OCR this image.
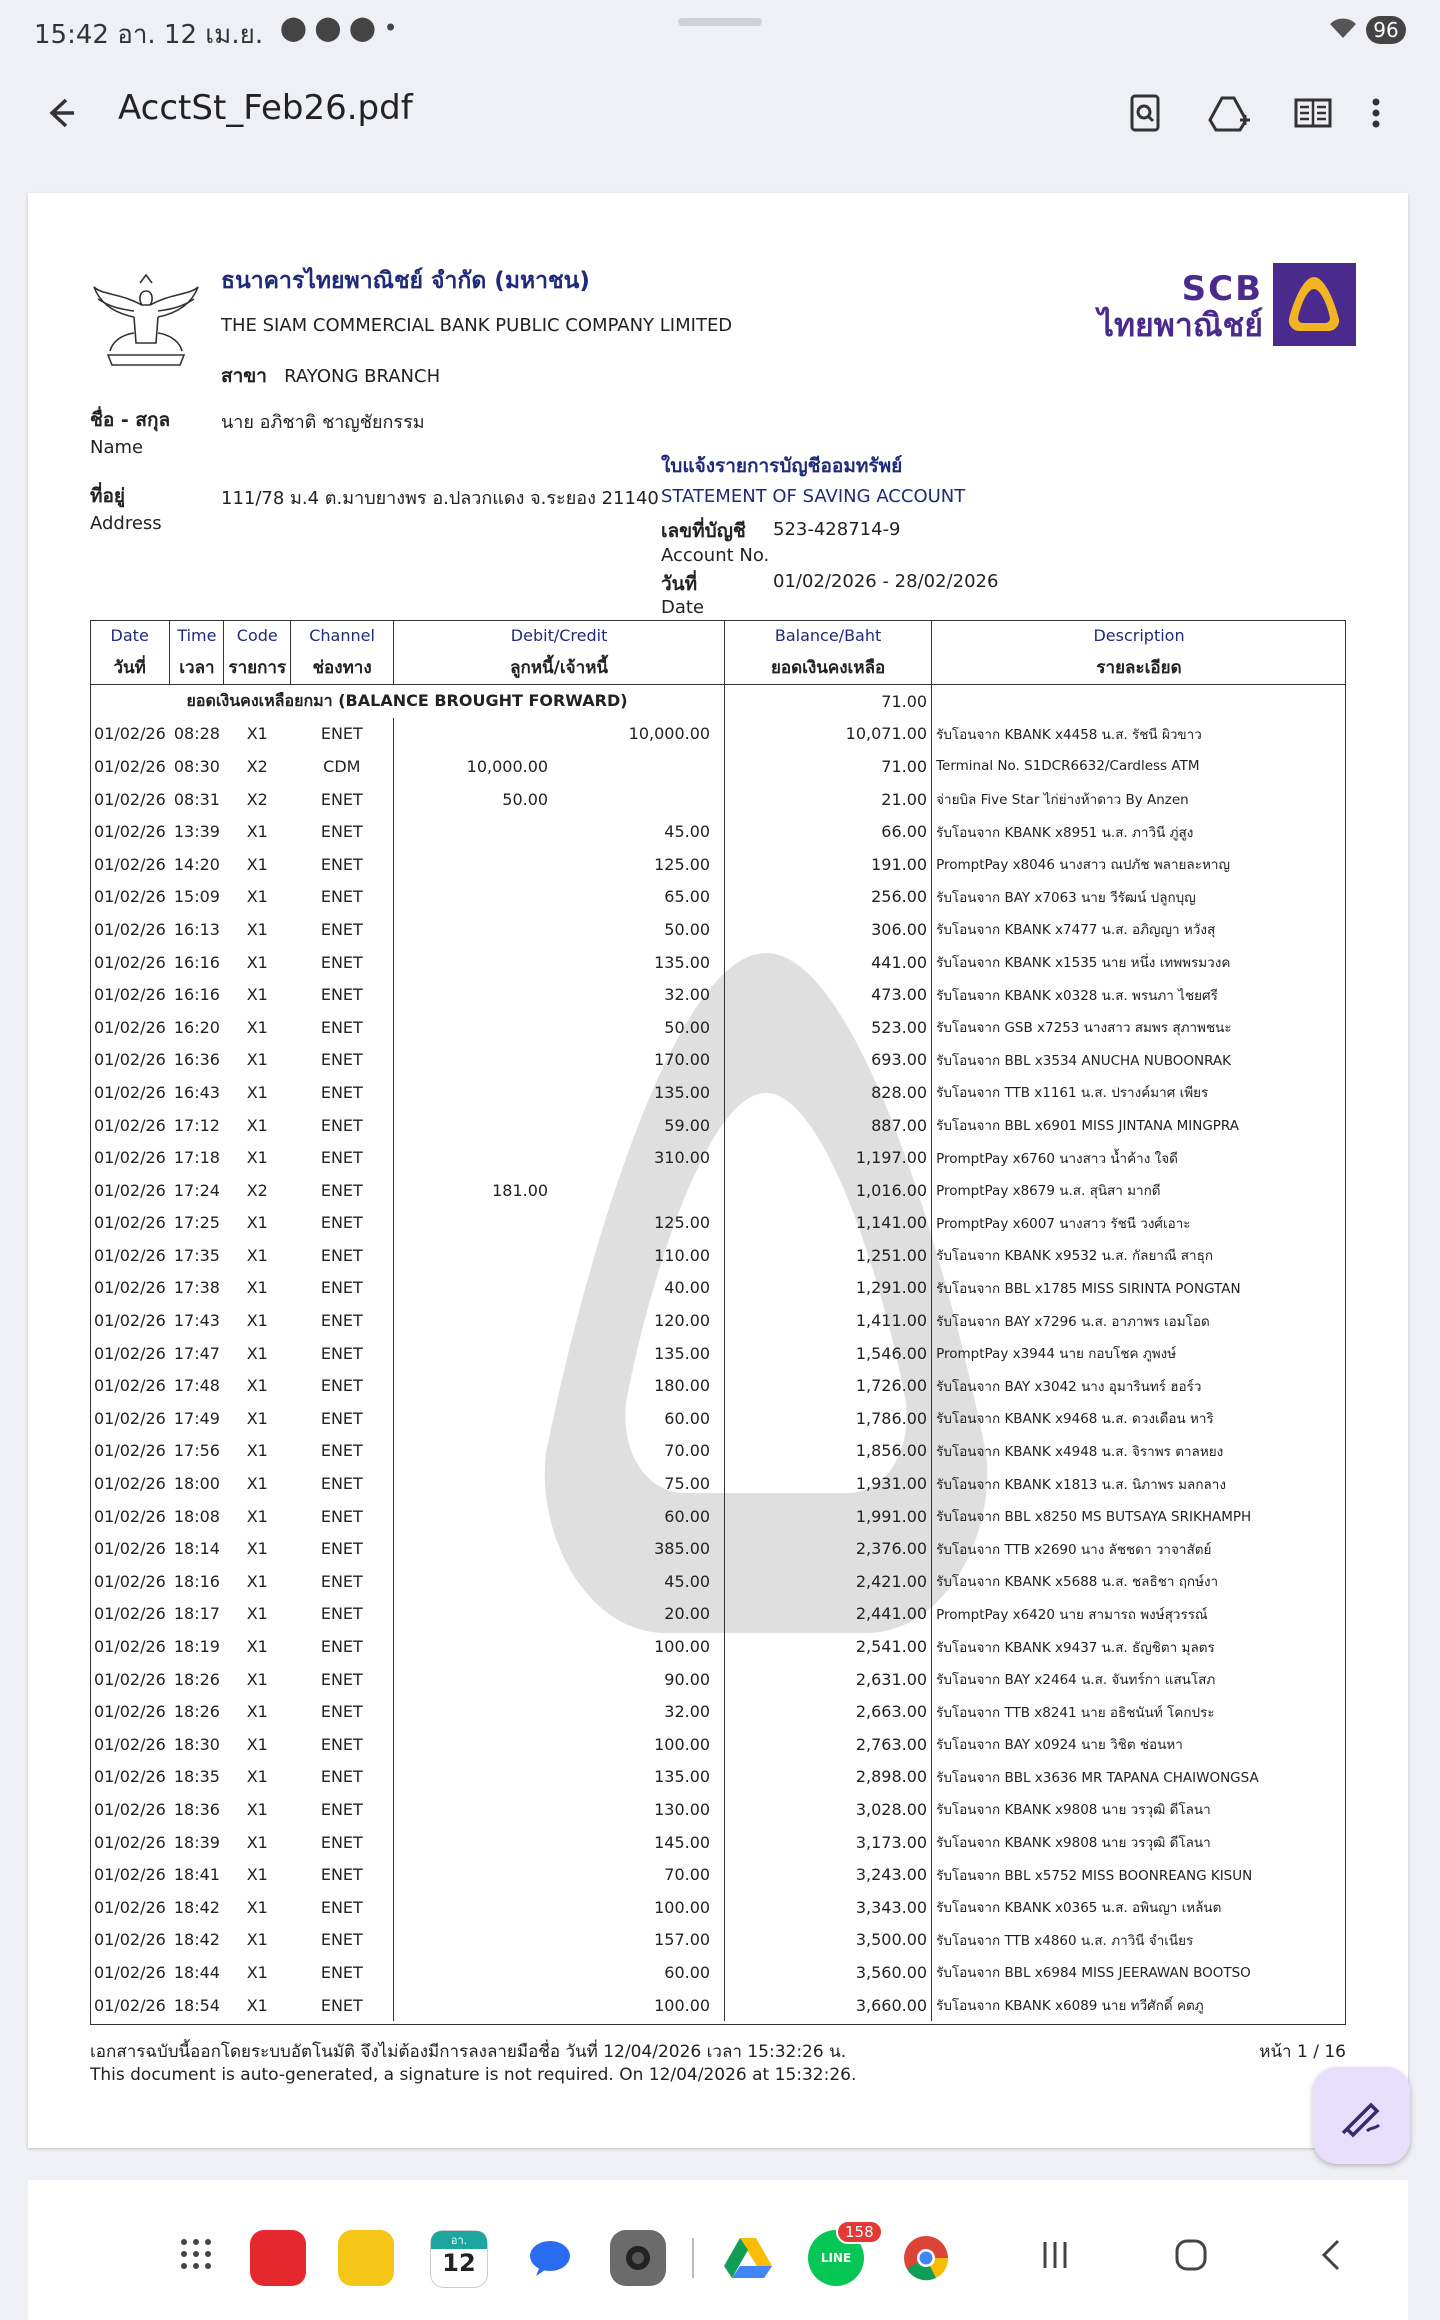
15:42 อา. 12 เม.ย. ⬤ ⬤ ⬤ •	96
AcctSt_Feb26.pdf
ธนาคารไทยพาณิชย์ จำกัด (มหาชน)
THE SIAM COMMERCIAL BANK PUBLIC COMPANY LIMITED
สาขา RAYONG BRANCH
ชื่อ - สกุล
Name
นาย อภิชาติ ชาญชัยกรรม
ที่อยู่
Address
111/78 ม.4 ต.มาบยางพร อ.ปลวกแดง จ.ระยอง 21140
SCB
ไทยพาณิชย์
ใบแจ้งรายการบัญชีออมทรัพย์
STATEMENT OF SAVING ACCOUNT
เลขที่บัญชี
Account No.
523-428714-9
วันที่
Date
01/02/2026 - 28/02/2026
Date	Time	Code	Channel	Debit/Credit	Balance/Baht	Description
วันที่	เวลา	รายการ	ช่องทาง	ลูกหนี้/เจ้าหนี้	ยอดเงินคงเหลือ	รายละเอียด
ยอดเงินคงเหลือยกมา (BALANCE BROUGHT FORWARD)					71.00	
01/02/26	08:28	X1	ENET	10,000.00	10,071.00	รับโอนจาก KBANK x4458 น.ส. รัชนี ผิวขาว
01/02/26	08:30	X2	CDM	10,000.00	71.00	Terminal No. S1DCR6632/Cardless ATM
01/02/26	08:31	X2	ENET	50.00	21.00	จ่ายบิล Five Star ไก่ย่างห้าดาว By Anzen
01/02/26	13:39	X1	ENET	45.00	66.00	รับโอนจาก KBANK x8951 น.ส. ภาวินี ภู่สูง
01/02/26	14:20	X1	ENET	125.00	191.00	PromptPay x8046 นางสาว ณปภัช พลายละหาญ
01/02/26	15:09	X1	ENET	65.00	256.00	รับโอนจาก BAY x7063 นาย วีรัฒน์ ปลูกบุญ
01/02/26	16:13	X1	ENET	50.00	306.00	รับโอนจาก KBANK x7477 น.ส. อภิญญา หวังสุ
01/02/26	16:16	X1	ENET	135.00	441.00	รับโอนจาก KBANK x1535 นาย หนึ่ง เทพพรมวงค
01/02/26	16:16	X1	ENET	32.00	473.00	รับโอนจาก KBANK x0328 น.ส. พรนภา ไชยศรี
01/02/26	16:20	X1	ENET	50.00	523.00	รับโอนจาก GSB x7253 นางสาว สมพร สุภาพชนะ
01/02/26	16:36	X1	ENET	170.00	693.00	รับโอนจาก BBL x3534 ANUCHA NUBOONRAK
01/02/26	16:43	X1	ENET	135.00	828.00	รับโอนจาก TTB x1161 น.ส. ปรางค์มาศ เพียร
01/02/26	17:12	X1	ENET	59.00	887.00	รับโอนจาก BBL x6901 MISS JINTANA MINGPRA
01/02/26	17:18	X1	ENET	310.00	1,197.00	PromptPay x6760 นางสาว น้ำค้าง ใจดี
01/02/26	17:24	X2	ENET	181.00	1,016.00	PromptPay x8679 น.ส. สุนิสา มากดี
01/02/26	17:25	X1	ENET	125.00	1,141.00	PromptPay x6007 นางสาว รัชนี วงศ์เอาะ
01/02/26	17:35	X1	ENET	110.00	1,251.00	รับโอนจาก KBANK x9532 น.ส. กัลยาณี สาธุก
01/02/26	17:38	X1	ENET	40.00	1,291.00	รับโอนจาก BBL x1785 MISS SIRINTA PONGTAN
01/02/26	17:43	X1	ENET	120.00	1,411.00	รับโอนจาก BAY x7296 น.ส. อาภาพร เอมโอด
01/02/26	17:47	X1	ENET	135.00	1,546.00	PromptPay x3944 นาย กอบโชค ภูพงษ์
01/02/26	17:48	X1	ENET	180.00	1,726.00	รับโอนจาก BAY x3042 นาง อุมารินทร์ ฮอร์ว
01/02/26	17:49	X1	ENET	60.00	1,786.00	รับโอนจาก KBANK x9468 น.ส. ดวงเดือน หาริ
01/02/26	17:56	X1	ENET	70.00	1,856.00	รับโอนจาก KBANK x4948 น.ส. จิราพร ตาลหยง
01/02/26	18:00	X1	ENET	75.00	1,931.00	รับโอนจาก KBANK x1813 น.ส. นิภาพร มลกลาง
01/02/26	18:08	X1	ENET	60.00	1,991.00	รับโอนจาก BBL x8250 MS BUTSAYA SRIKHAMPH
01/02/26	18:14	X1	ENET	385.00	2,376.00	รับโอนจาก TTB x2690 นาง ลัชชดา วาจาสัตย์
01/02/26	18:16	X1	ENET	45.00	2,421.00	รับโอนจาก KBANK x5688 น.ส. ชลธิชา ฤกษ์งา
01/02/26	18:17	X1	ENET	20.00	2,441.00	PromptPay x6420 นาย สามารถ พงษ์สุวรรณ์
01/02/26	18:19	X1	ENET	100.00	2,541.00	รับโอนจาก KBANK x9437 น.ส. ธัญชิตา มุลตร
01/02/26	18:26	X1	ENET	90.00	2,631.00	รับโอนจาก BAY x2464 น.ส. จันทร์กา แสนโสภ
01/02/26	18:26	X1	ENET	32.00	2,663.00	รับโอนจาก TTB x8241 นาย อธิชนันท์ โคกประ
01/02/26	18:30	X1	ENET	100.00	2,763.00	รับโอนจาก BAY x0924 นาย วิชิต ช่อนหา
01/02/26	18:35	X1	ENET	135.00	2,898.00	รับโอนจาก BBL x3636 MR TAPANA CHAIWONGSA
01/02/26	18:36	X1	ENET	130.00	3,028.00	รับโอนจาก KBANK x9808 นาย วรวุฒิ ดีโลนา
01/02/26	18:39	X1	ENET	145.00	3,173.00	รับโอนจาก KBANK x9808 นาย วรวุฒิ ดีโลนา
01/02/26	18:41	X1	ENET	70.00	3,243.00	รับโอนจาก BBL x5752 MISS BOONREANG KISUN
01/02/26	18:42	X1	ENET	100.00	3,343.00	รับโอนจาก KBANK x0365 น.ส. อพินญา เหล้นต
01/02/26	18:42	X1	ENET	157.00	3,500.00	รับโอนจาก TTB x4860 น.ส. ภาวินี จำเนียร
01/02/26	18:44	X1	ENET	60.00	3,560.00	รับโอนจาก BBL x6984 MISS JEERAWAN BOOTSO
01/02/26	18:54	X1	ENET	100.00	3,660.00	รับโอนจาก KBANK x6089 นาย ทวีศักดิ์ คตภู
เอกสารฉบับนี้ออกโดยระบบอัตโนมัติ จึงไม่ต้องมีการลงลายมือชื่อ วันที่ 12/04/2026 เวลา 15:32:26 น.
This document is auto-generated, a signature is not required. On 12/04/2026 at 15:32:26.
หน้า 1 / 16
อา.
12	LINE
158
